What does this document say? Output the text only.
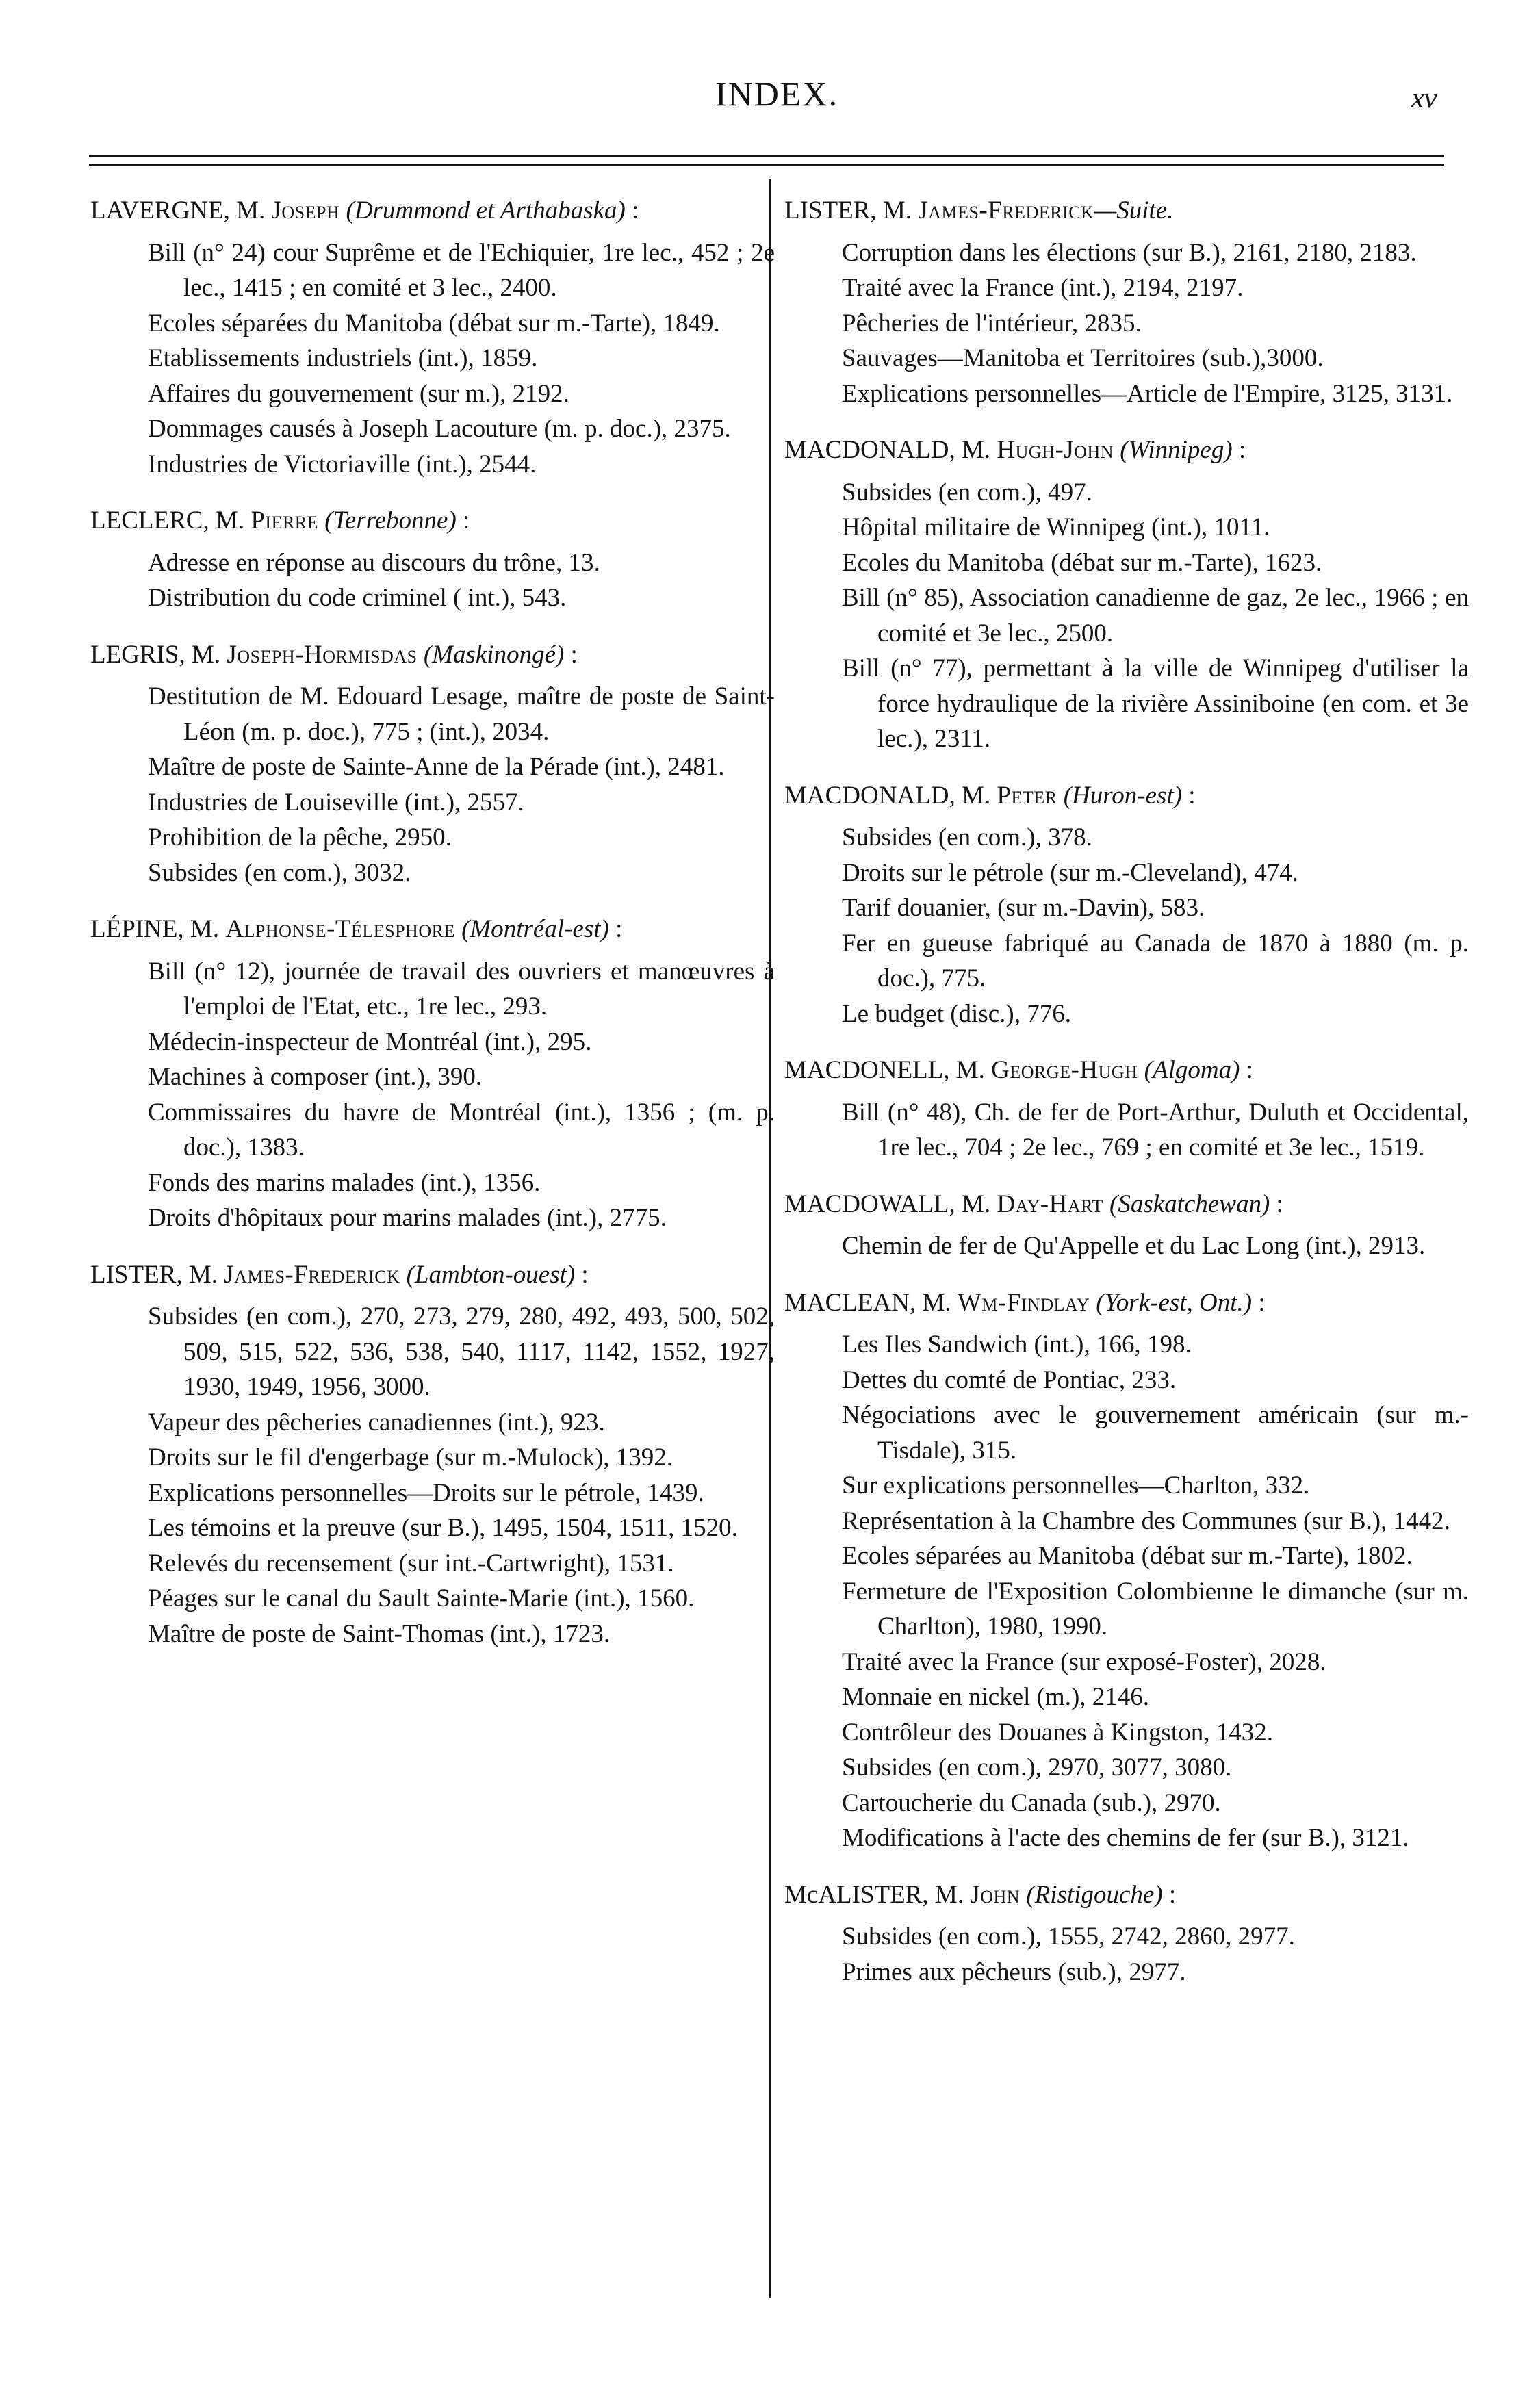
INDEX.	xv
LAVERGNE, M. Joseph (Drummond et Arthabaska) :
Bill (n° 24) cour Suprême et de l'Echiquier, 1re lec., 452 ; 2e lec., 1415 ; en comité et 3 lec., 2400.
Ecoles séparées du Manitoba (débat sur m.-Tarte), 1849.
Etablissements industriels (int.), 1859.
Affaires du gouvernement (sur m.), 2192.
Dommages causés à Joseph Lacouture (m. p. doc.), 2375.
Industries de Victoriaville (int.), 2544.
LECLERC, M. Pierre (Terrebonne) :
Adresse en réponse au discours du trône, 13.
Distribution du code criminel ( int.), 543.
LEGRIS, M. Joseph-Hormisdas (Maskinongé) :
Destitution de M. Edouard Lesage, maître de poste de Saint-Léon (m. p. doc.), 775 ; (int.), 2034.
Maître de poste de Sainte-Anne de la Pérade (int.), 2481.
Industries de Louiseville (int.), 2557.
Prohibition de la pêche, 2950.
Subsides (en com.), 3032.
LÉPINE, M. Alphonse-Télesphore (Montréal-est) :
Bill (n° 12), journée de travail des ouvriers et manœuvres à l'emploi de l'Etat, etc., 1re lec., 293.
Médecin-inspecteur de Montréal (int.), 295.
Machines à composer (int.), 390.
Commissaires du havre de Montréal (int.), 1356 ; (m. p. doc.), 1383.
Fonds des marins malades (int.), 1356.
Droits d'hôpitaux pour marins malades (int.), 2775.
LISTER, M. James-Frederick (Lambton-ouest) :
Subsides (en com.), 270, 273, 279, 280, 492, 493, 500, 502, 509, 515, 522, 536, 538, 540, 1117, 1142, 1552, 1927, 1930, 1949, 1956, 3000.
Vapeur des pêcheries canadiennes (int.), 923.
Droits sur le fil d'engerbage (sur m.-Mulock), 1392.
Explications personnelles—Droits sur le pétrole, 1439.
Les témoins et la preuve (sur B.), 1495, 1504, 1511, 1520.
Relevés du recensement (sur int.-Cartwright), 1531.
Péages sur le canal du Sault Sainte-Marie (int.), 1560.
Maître de poste de Saint-Thomas (int.), 1723.
LISTER, M. James-Frederick—Suite.
Corruption dans les élections (sur B.), 2161, 2180, 2183.
Traité avec la France (int.), 2194, 2197.
Pêcheries de l'intérieur, 2835.
Sauvages—Manitoba et Territoires (sub.),3000.
Explications personnelles—Article de l'Empire, 3125, 3131.
MACDONALD, M. Hugh-John (Winnipeg) :
Subsides (en com.), 497.
Hôpital militaire de Winnipeg (int.), 1011.
Ecoles du Manitoba (débat sur m.-Tarte), 1623.
Bill (n° 85), Association canadienne de gaz, 2e lec., 1966 ; en comité et 3e lec., 2500.
Bill (n° 77), permettant à la ville de Winnipeg d'utiliser la force hydraulique de la rivière Assiniboine (en com. et 3e lec.), 2311.
MACDONALD, M. Peter (Huron-est) :
Subsides (en com.), 378.
Droits sur le pétrole (sur m.-Cleveland), 474.
Tarif douanier, (sur m.-Davin), 583.
Fer en gueuse fabriqué au Canada de 1870 à 1880 (m. p. doc.), 775.
Le budget (disc.), 776.
MACDONELL, M. George-Hugh (Algoma) :
Bill (n° 48), Ch. de fer de Port-Arthur, Duluth et Occidental, 1re lec., 704 ; 2e lec., 769 ; en comité et 3e lec., 1519.
MACDOWALL, M. Day-Hart (Saskatchewan) :
Chemin de fer de Qu'Appelle et du Lac Long (int.), 2913.
MACLEAN, M. Wm-Findlay (York-est, Ont.) :
Les Iles Sandwich (int.), 166, 198.
Dettes du comté de Pontiac, 233.
Négociations avec le gouvernement américain (sur m.-Tisdale), 315.
Sur explications personnelles—Charlton, 332.
Représentation à la Chambre des Communes (sur B.), 1442.
Ecoles séparées au Manitoba (débat sur m.-Tarte), 1802.
Fermeture de l'Exposition Colombienne le dimanche (sur m. Charlton), 1980, 1990.
Traité avec la France (sur exposé-Foster), 2028.
Monnaie en nickel (m.), 2146.
Contrôleur des Douanes à Kingston, 1432.
Subsides (en com.), 2970, 3077, 3080.
Cartoucherie du Canada (sub.), 2970.
Modifications à l'acte des chemins de fer (sur B.), 3121.
McALISTER, M. John (Ristigouche) :
Subsides (en com.), 1555, 2742, 2860, 2977.
Primes aux pêcheurs (sub.), 2977.
